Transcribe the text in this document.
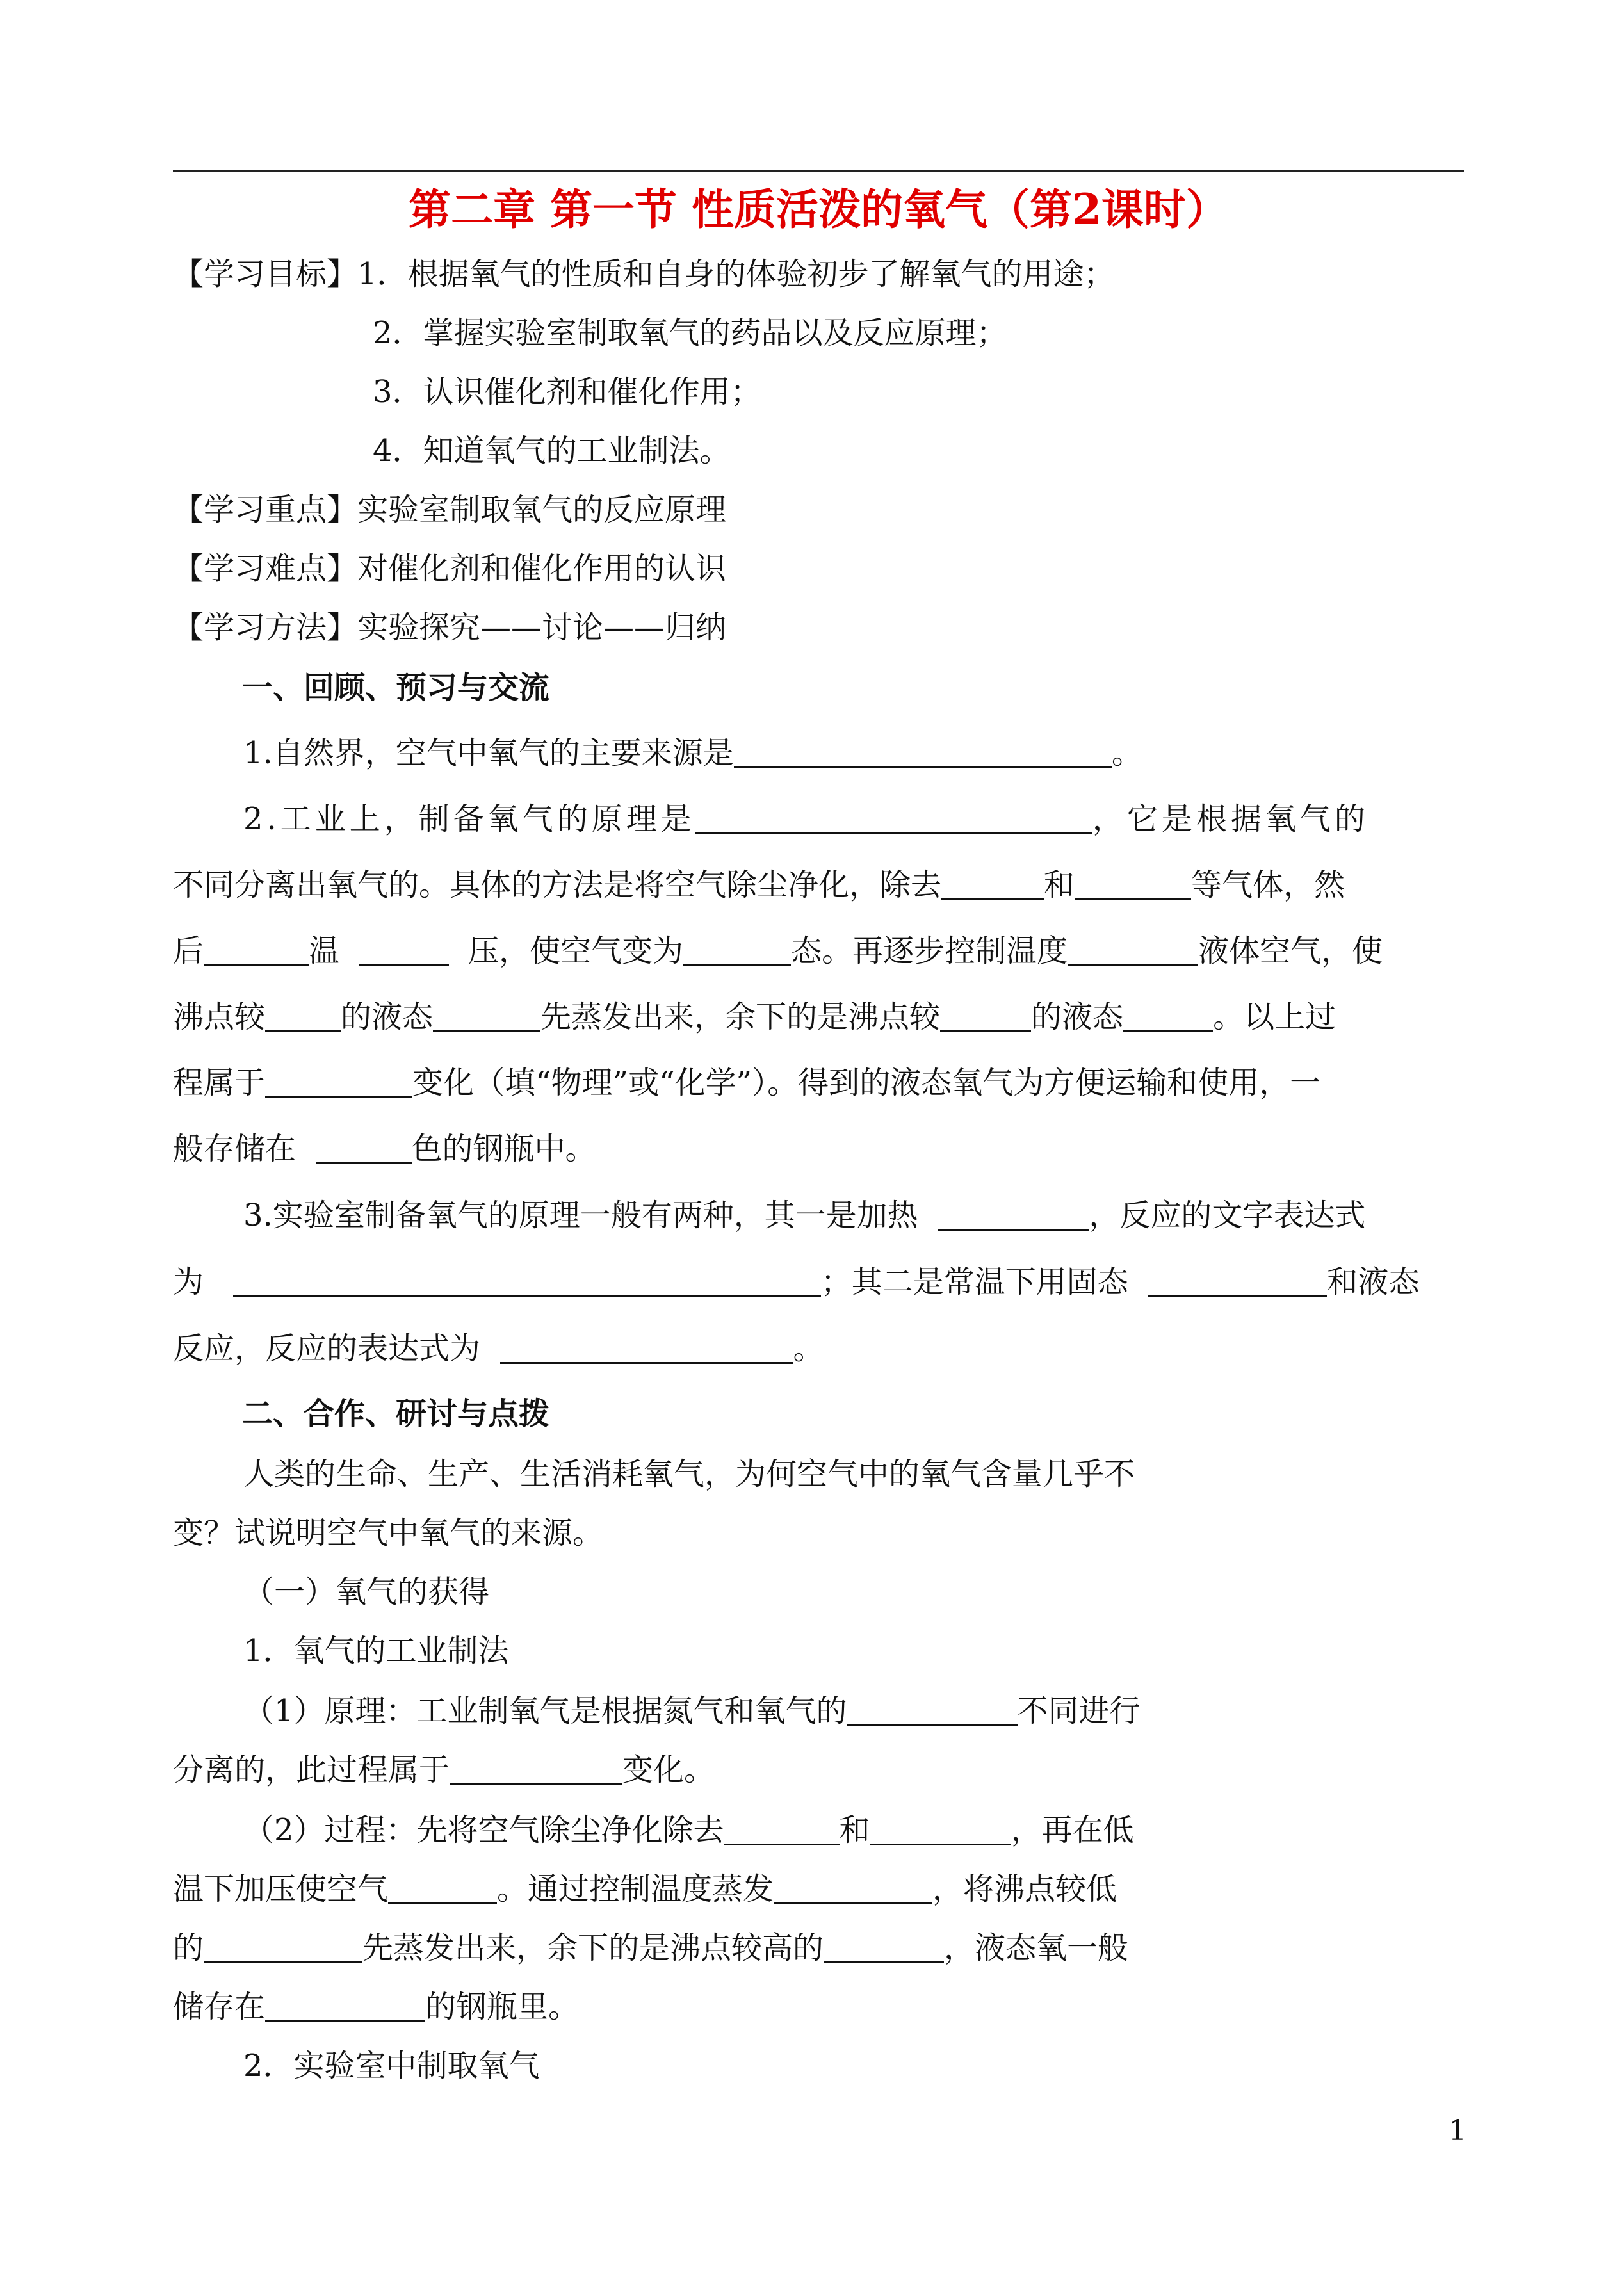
第二章 第一节 性质活泼的氧气（第2课时）
【学习目标】1．根据氧气的性质和自身的体验初步了解氧气的用途；
2．掌握实验室制取氧气的药品以及反应原理；
3．认识催化剂和催化作用；
4．知道氧气的工业制法。
【学习重点】实验室制取氧气的反应原理
【学习难点】对催化剂和催化作用的认识
【学习方法】实验探究——讨论——归纳
一、回顾、预习与交流
1.自然界，空气中氧气的主要来源是	。
2.工业上，制备氧气的原理是	，它是根据氧气的
不同分离出氧气的。具体的方法是将空气除尘净化，除去	和	等气体，然
后	温	压，使空气变为	态。再逐步控制温度	液体空气，使
沸点较 的液态	先蒸发出来，余下的是沸点较	的液态	。以上过
程属于	变化（填“物理”或“化学”）。得到的液态氧气为方便运输和使用，一
般存储在	色的钢瓶中。
3.实验室制备氧气的原理一般有两种，其一是加热	，反应的文字表达式
为	；其二是常温下用固态	和液态
反应，反应的表达式为	。
二、合作、研讨与点拨
人类的生命、生产、生活消耗氧气，为何空气中的氧气含量几乎不
变？试说明空气中氧气的来源。
（一）氧气的获得
1．氧气的工业制法
（1）原理：工业制氧气是根据氮气和氧气的	不同进行
分离的，此过程属于	变化。
（2）过程：先将空气除尘净化除去	和	，再在低
温下加压使空气	。通过控制温度蒸发	，将沸点较低
的	先蒸发出来，余下的是沸点较高的	，液态氧一般
储存在	的钢瓶里。
2．实验室中制取氧气
1
